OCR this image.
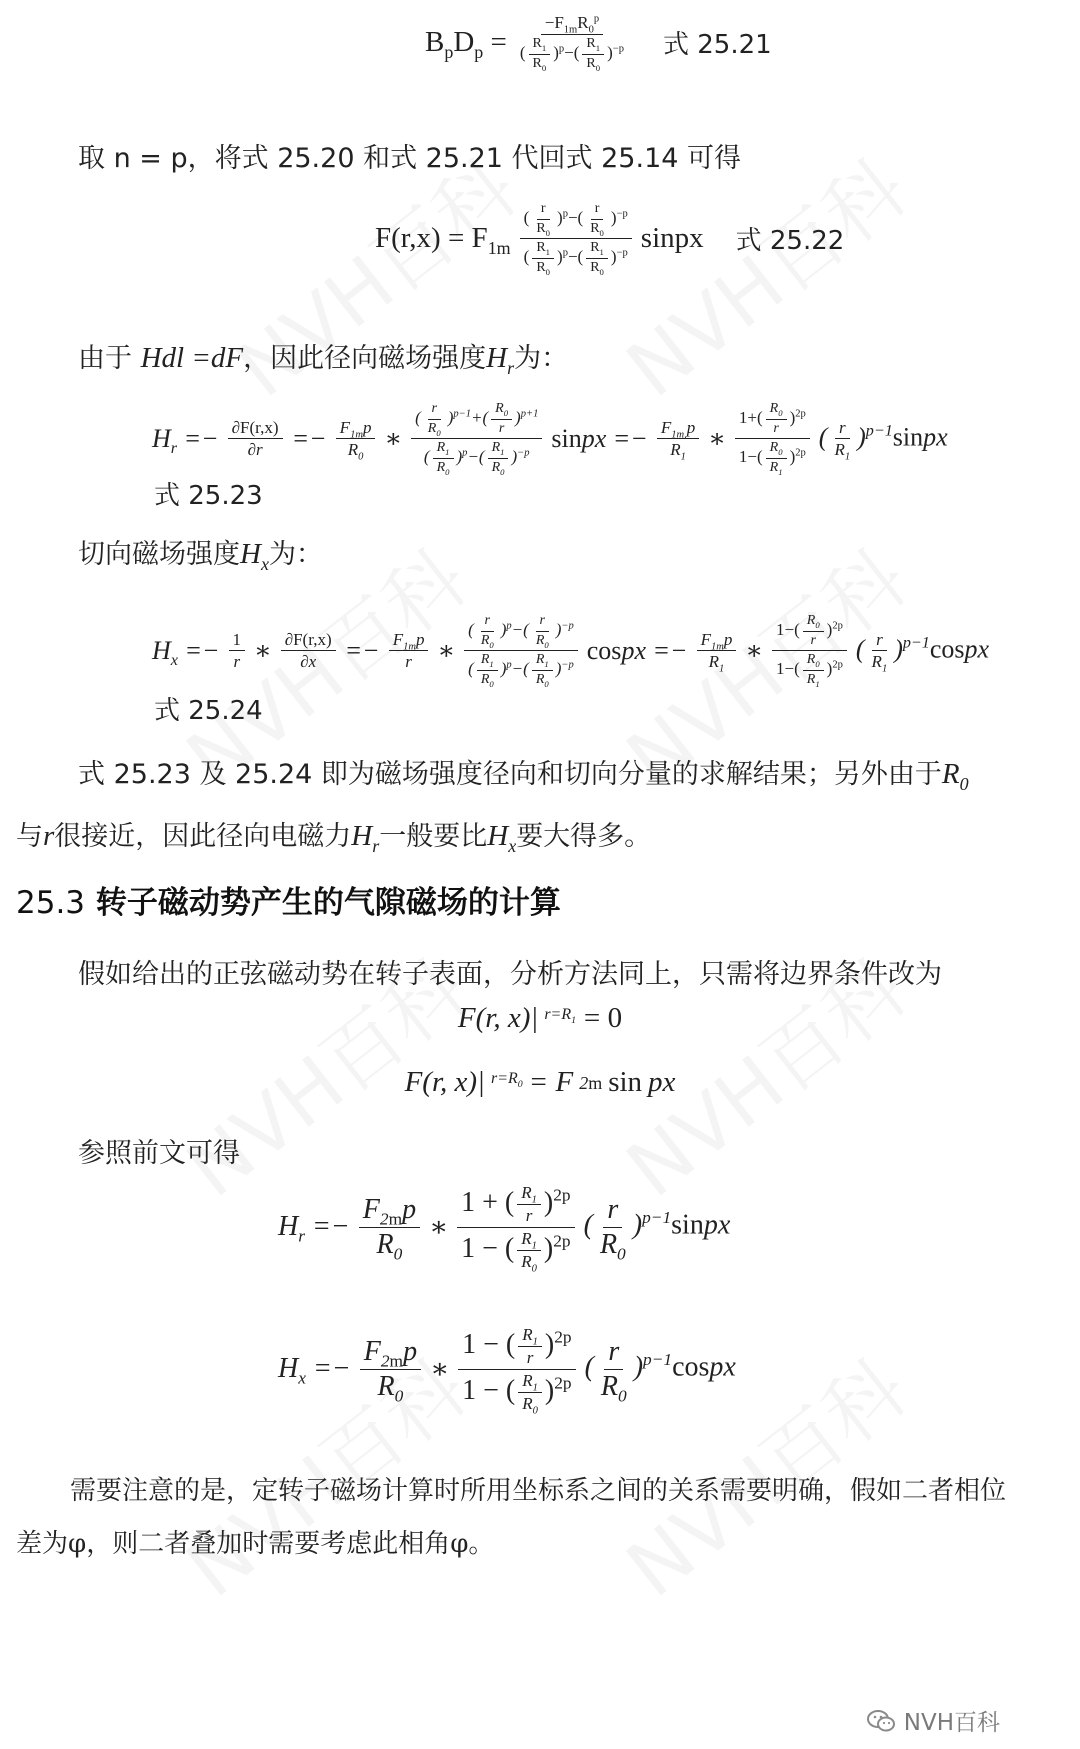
$B_pD_p = \frac{-F_{1m}R_0^p}{( \frac{R_1}{R_0} )^p-( \frac{R_1}{R_0} )^{-p}}$ 式 25.21
取 n = p，将式 25.20 和式 25.21 代回式 25.14 可得
$F(r,x) = F_{1m} \frac{( \frac{r}{R_0} )^p-( \frac{r}{R_0} )^{-p}}{( \frac{R_1}{R_0} )^p-( \frac{R_1}{R_0} )^{-p}}$ sinpx 式 25.22
由于 Hdl =dF，因此径向磁场强度$H_r$为：
$H_r =- \frac{\partial F(r,x)}{\partial r} =- \frac{F_{1m}p}{R_0}$ ∗ $\frac{( \frac{r}{R_0} )^{p-1}+( \frac{R_0}{r} )^{p+1}}{( \frac{R_1}{R_0} )^p-( \frac{R_1}{R_0} )^{-p}}$ sinpx =− $\frac{F_{1m,}p}{R_1}$ ∗ $\frac{1+( \frac{R_0}{r} )^{2p}}{1-( \frac{R_0}{R_1} )^{2p}}$ ( $\frac{r}{R_1}$ )$^{p-1}$sinpx
式 25.23
切向磁场强度$H_x$为：
$H_x =- \frac{1}{r}$ ∗ $\frac{\partial F(r,x)}{\partial x} =- \frac{F_{1m}p}{r}$ ∗ $\frac{( \frac{r}{R_0} )^p-( \frac{r}{R_0} )^{-p}}{( \frac{R_1}{R_0} )^p-( \frac{R_1}{R_0} )^{-p}}$ cospx =− $\frac{F_{1m}p}{R_1}$ ∗ $\frac{1-( \frac{R_0}{r} )^{2p}}{1-( \frac{R_0}{R_1} )^{2p}}$ ( $\frac{r}{R_1}$ )$^{p-1}$cospx
式 25.24
式 25.23 及 25.24 即为磁场强度径向和切向分量的求解结果；另外由于$R_0$
与r很接近，因此径向电磁力$H_r$一般要比$H_x$要大得多。
25.3 转子磁动势产生的气隙磁场的计算
假如给出的正弦磁动势在转子表面，分析方法同上，只需将边界条件改为
F(r, x)| $r=R_1 = 0$
F(r, x)| $r=R_0 = F$ 2m sin px
参照前文可得
$H_r =- \frac{F_{2m}p}{R_0}$ ∗ $\frac{1 + ( \frac{R_1}{r} )^{2p}}{1 - ( \frac{R_1}{R_0} )^{2p}}$ ( $\frac{r}{R_0}$ )$^{p-1}$sinpx
$H_x =- \frac{F_{2m}p}{R_0}$ ∗ $\frac{1 - ( \frac{R_1}{r} )^{2p}}{1 - ( \frac{R_1}{R_0} )^{2p}}$ ( $\frac{r}{R_0}$ )$^{p-1}$cospx
需要注意的是，定转子磁场计算时所用坐标系之间的关系需要明确，假如二者相位
差为φ，则二者叠加时需要考虑此相角φ。
NVH百科
